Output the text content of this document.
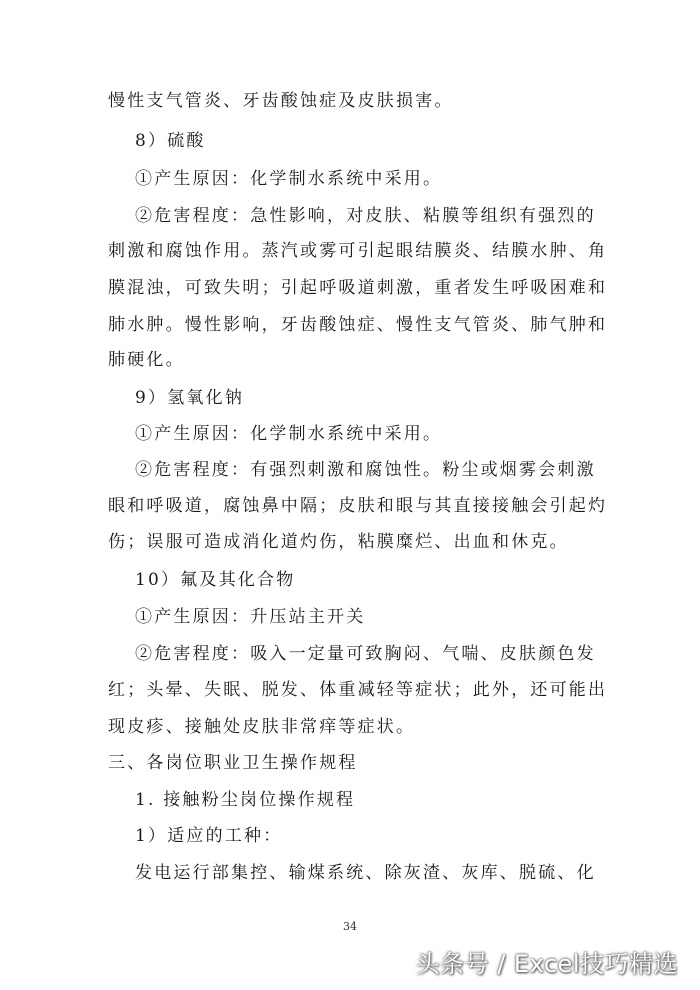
慢性支气管炎、牙齿酸蚀症及皮肤损害。
8）硫酸
①产生原因：化学制水系统中采用。
②危害程度：急性影响，对皮肤、粘膜等组织有强烈的
刺激和腐蚀作用。蒸汽或雾可引起眼结膜炎、结膜水肿、角
膜混浊，可致失明；引起呼吸道刺激，重者发生呼吸困难和
肺水肿。慢性影响，牙齿酸蚀症、慢性支气管炎、肺气肿和
肺硬化。
9）氢氧化钠
①产生原因：化学制水系统中采用。
②危害程度：有强烈刺激和腐蚀性。粉尘或烟雾会刺激
眼和呼吸道，腐蚀鼻中隔；皮肤和眼与其直接接触会引起灼
伤；误服可造成消化道灼伤，粘膜糜烂、出血和休克。
10）氟及其化合物
①产生原因：升压站主开关
②危害程度：吸入一定量可致胸闷、气喘、皮肤颜色发
红；头晕、失眠、脱发、体重减轻等症状；此外，还可能出
现皮疹、接触处皮肤非常痒等症状。
三、各岗位职业卫生操作规程
1. 接触粉尘岗位操作规程
1）适应的工种：
发电运行部集控、输煤系统、除灰渣、灰库、脱硫、化
34
头条号 / Excel技巧精选
